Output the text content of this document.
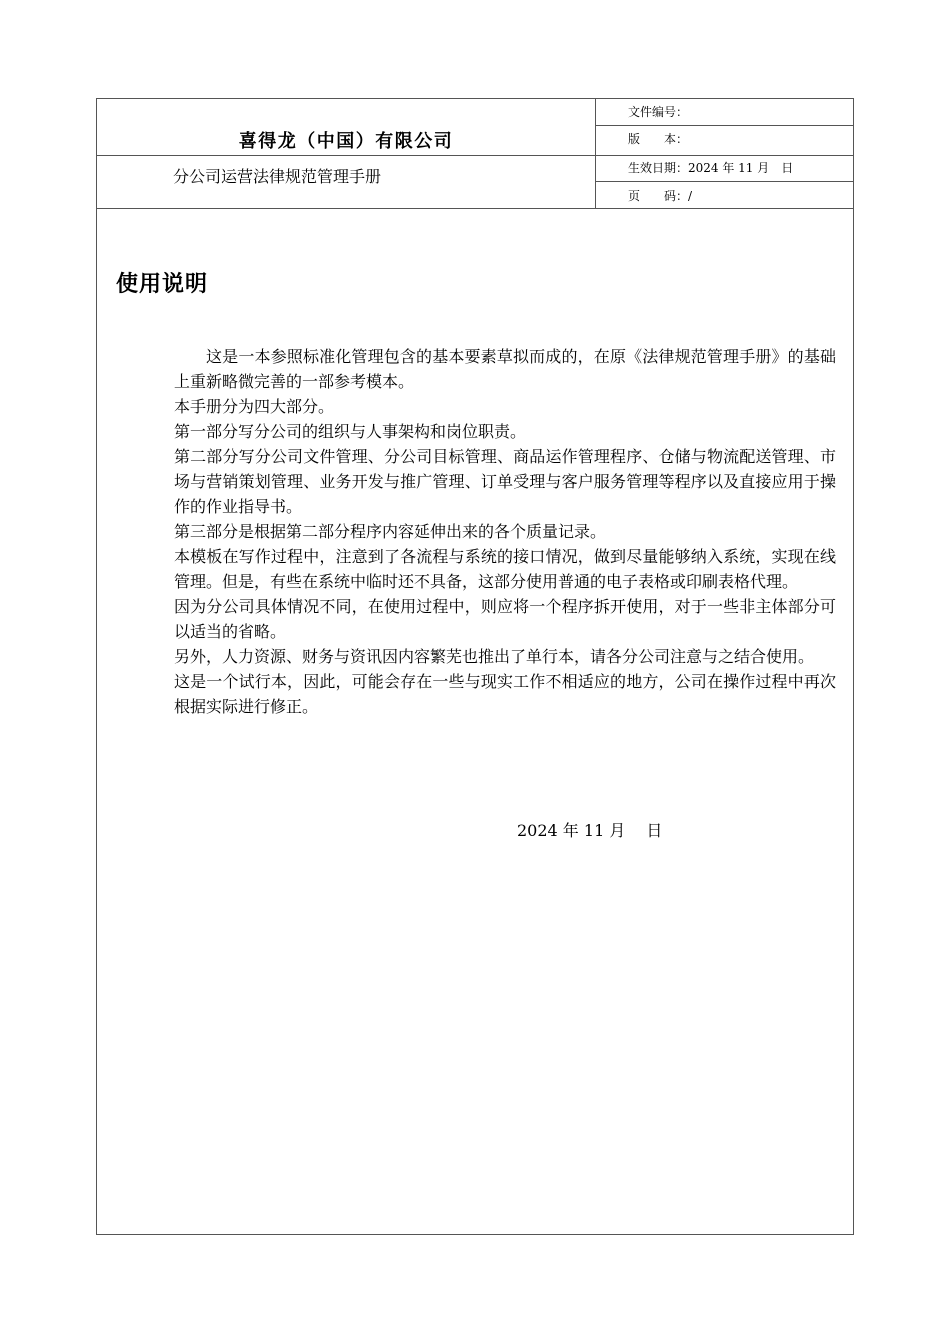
喜得龙（中国）有限公司
分公司运营法律规范管理手册
文件编号：
版　　本：
生效日期：2024 年 11 月　日
页　　码：/
使用说明

这是一本参照标准化管理包含的基本要素草拟而成的，在原《法律规范管理手册》的基础上重新略微完善的一部参考模本。

本手册分为四大部分。

第一部分写分公司的组织与人事架构和岗位职责。

第二部分写分公司文件管理、分公司目标管理、商品运作管理程序、仓储与物流配送管理、市场与营销策划管理、业务开发与推广管理、订单受理与客户服务管理等程序以及直接应用于操作的作业指导书。

第三部分是根据第二部分程序内容延伸出来的各个质量记录。

本模板在写作过程中，注意到了各流程与系统的接口情况，做到尽量能够纳入系统，实现在线管理。但是，有些在系统中临时还不具备，这部分使用普通的电子表格或印刷表格代理。

因为分公司具体情况不同，在使用过程中，则应将一个程序拆开使用，对于一些非主体部分可以适当的省略。

另外，人力资源、财务与资讯因内容繁芜也推出了单行本，请各分公司注意与之结合使用。

这是一个试行本，因此，可能会存在一些与现实工作不相适应的地方，公司在操作过程中再次根据实际进行修正。

2024 年 11 月　 日
